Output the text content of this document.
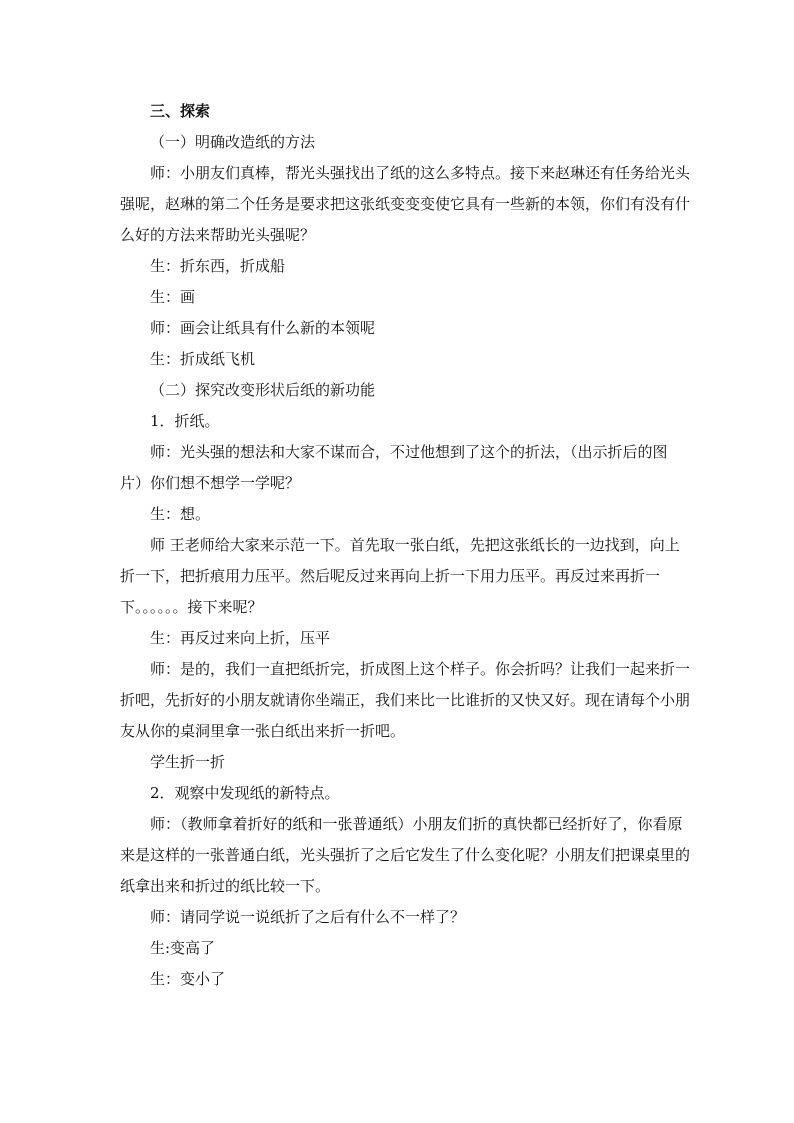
三、探索

（一）明确改造纸的方法

师：小朋友们真棒，帮光头强找出了纸的这么多特点。接下来赵琳还有任务给光头强呢，赵琳的第二个任务是要求把这张纸变变变使它具有一些新的本领，你们有没有什么好的方法来帮助光头强呢？

生：折东西，折成船

生：画

师：画会让纸具有什么新的本领呢

生：折成纸飞机

（二）探究改变形状后纸的新功能

1．折纸。

师：光头强的想法和大家不谋而合，不过他想到了这个的折法，（出示折后的图片）你们想不想学一学呢？

生：想。

师 王老师给大家来示范一下。首先取一张白纸，先把这张纸长的一边找到，向上折一下，把折痕用力压平。然后呢反过来再向上折一下用力压平。再反过来再折一下。。。。。。接下来呢？

生：再反过来向上折，压平

师：是的，我们一直把纸折完，折成图上这个样子。你会折吗？让我们一起来折一折吧，先折好的小朋友就请你坐端正，我们来比一比谁折的又快又好。现在请每个小朋友从你的桌洞里拿一张白纸出来折一折吧。

学生折一折

2．观察中发现纸的新特点。

师：（教师拿着折好的纸和一张普通纸）小朋友们折的真快都已经折好了，你看原来是这样的一张普通白纸，光头强折了之后它发生了什么变化呢？小朋友们把课桌里的纸拿出来和折过的纸比较一下。

师：请同学说一说纸折了之后有什么不一样了？

生:变高了

生：变小了
